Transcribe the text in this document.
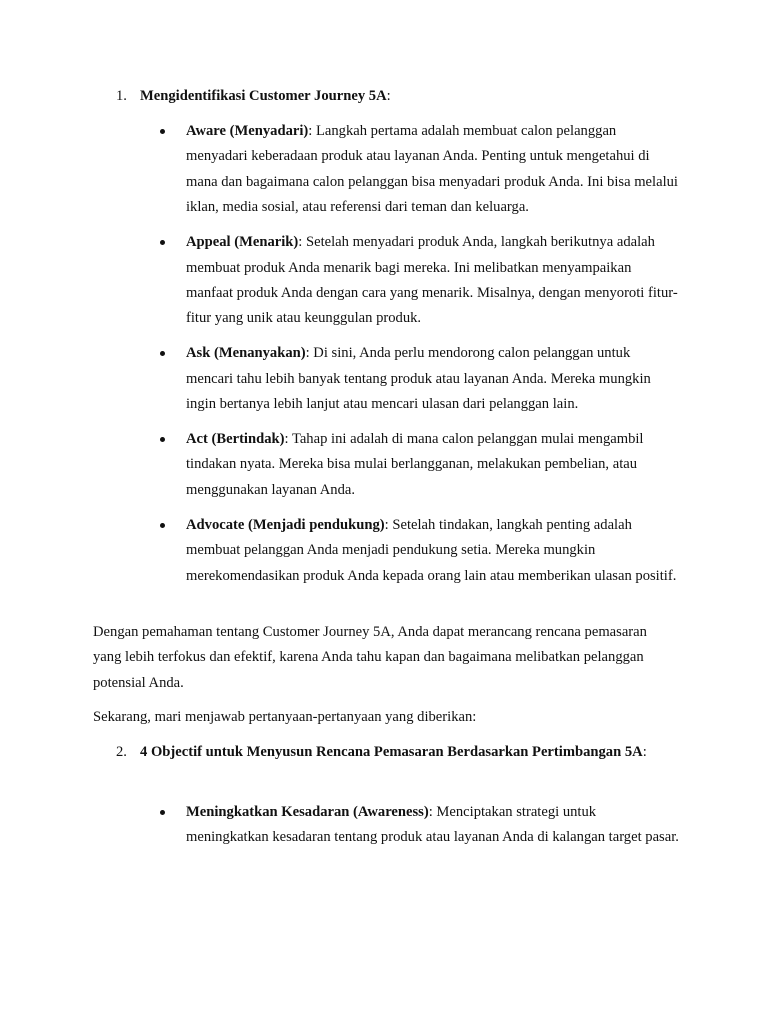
1. Mengidentifikasi Customer Journey 5A:
Aware (Menyadari): Langkah pertama adalah membuat calon pelanggan menyadari keberadaan produk atau layanan Anda. Penting untuk mengetahui di mana dan bagaimana calon pelanggan bisa menyadari produk Anda. Ini bisa melalui iklan, media sosial, atau referensi dari teman dan keluarga.
Appeal (Menarik): Setelah menyadari produk Anda, langkah berikutnya adalah membuat produk Anda menarik bagi mereka. Ini melibatkan menyampaikan manfaat produk Anda dengan cara yang menarik. Misalnya, dengan menyoroti fitur-fitur yang unik atau keunggulan produk.
Ask (Menanyakan): Di sini, Anda perlu mendorong calon pelanggan untuk mencari tahu lebih banyak tentang produk atau layanan Anda. Mereka mungkin ingin bertanya lebih lanjut atau mencari ulasan dari pelanggan lain.
Act (Bertindak): Tahap ini adalah di mana calon pelanggan mulai mengambil tindakan nyata. Mereka bisa mulai berlangganan, melakukan pembelian, atau menggunakan layanan Anda.
Advocate (Menjadi pendukung): Setelah tindakan, langkah penting adalah membuat pelanggan Anda menjadi pendukung setia. Mereka mungkin merekomendasikan produk Anda kepada orang lain atau memberikan ulasan positif.

Dengan pemahaman tentang Customer Journey 5A, Anda dapat merancang rencana pemasaran yang lebih terfokus dan efektif, karena Anda tahu kapan dan bagaimana melibatkan pelanggan potensial Anda.

Sekarang, mari menjawab pertanyaan-pertanyaan yang diberikan:

2. 4 Objectif untuk Menyusun Rencana Pemasaran Berdasarkan Pertimbangan 5A:
Meningkatkan Kesadaran (Awareness): Menciptakan strategi untuk meningkatkan kesadaran tentang produk atau layanan Anda di kalangan target pasar.
